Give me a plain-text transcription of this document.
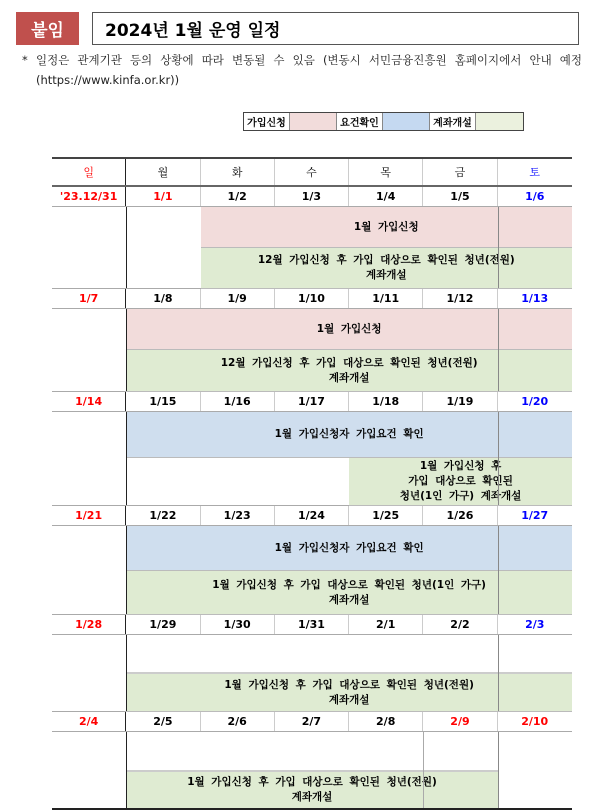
붙임	2024년 1월 운영 일정
* 일정은 관계기관 등의 상황에 따라 변동될 수 있음 (변동시 서민금융진흥원 홈페이지에서 안내 예정(https://www.kinfa.or.kr))
가입신청	요건확인	계좌개설
일	월	화	수	목	금	토
'23.12/31	1/1	1/2	1/3	1/4	1/5	1/6
1월 가입신청
12월 가입신청 후 가입 대상으로 확인된 청년(전원)
계좌개설
1/7	1/8	1/9	1/10	1/11	1/12	1/13
1월 가입신청
12월 가입신청 후 가입 대상으로 확인된 청년(전원)
계좌개설
1/14	1/15	1/16	1/17	1/18	1/19	1/20
1월 가입신청자 가입요건 확인
1월 가입신청 후
가입 대상으로 확인된
청년(1인 가구) 계좌개설
1/21	1/22	1/23	1/24	1/25	1/26	1/27
1월 가입신청자 가입요건 확인
1월 가입신청 후 가입 대상으로 확인된 청년(1인 가구)
계좌개설
1/28	1/29	1/30	1/31	2/1	2/2	2/3
1월 가입신청 후 가입 대상으로 확인된 청년(전원)
계좌개설
2/4	2/5	2/6	2/7	2/8	2/9	2/10
1월 가입신청 후 가입 대상으로 확인된 청년(전원)
계좌개설
